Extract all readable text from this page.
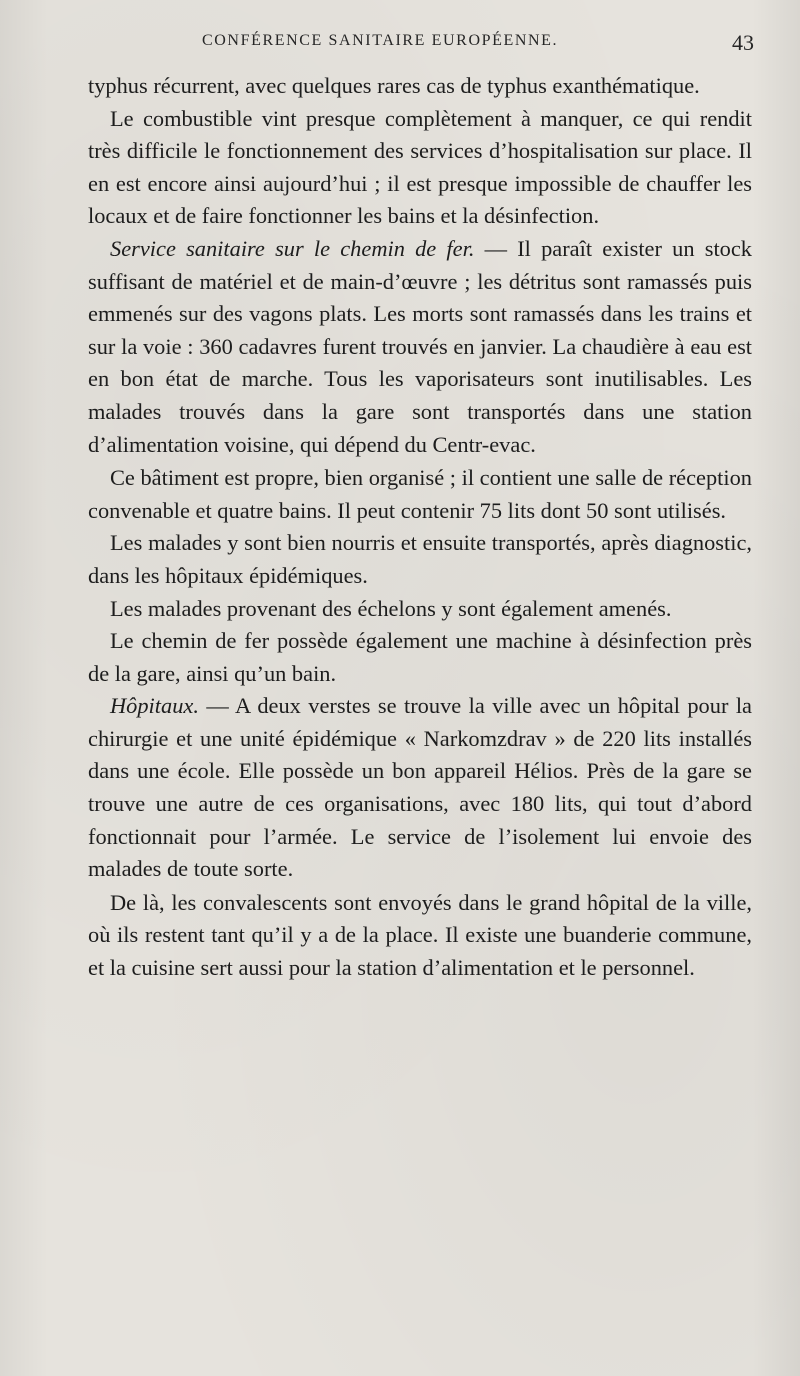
CONFÉRENCE SANITAIRE EUROPÉENNE.	43

typhus récurrent, avec quelques rares cas de typhus exanthématique.

Le combustible vint presque complètement à manquer, ce qui rendit très difficile le fonctionnement des services d’hospitalisation sur place. Il en est encore ainsi aujourd’hui ; il est presque impossible de chauffer les locaux et de faire fonctionner les bains et la désinfection.

Service sanitaire sur le chemin de fer. — Il paraît exister un stock suffisant de matériel et de main-d’œuvre ; les détritus sont ramassés puis emmenés sur des vagons plats. Les morts sont ramassés dans les trains et sur la voie : 360 cadavres furent trouvés en janvier. La chaudière à eau est en bon état de marche. Tous les vaporisateurs sont inutilisables. Les malades trouvés dans la gare sont transportés dans une station d’alimentation voisine, qui dépend du Centr-evac.

Ce bâtiment est propre, bien organisé ; il contient une salle de réception convenable et quatre bains. Il peut contenir 75 lits dont 50 sont utilisés.

Les malades y sont bien nourris et ensuite transportés, après diagnostic, dans les hôpitaux épidémiques.

Les malades provenant des échelons y sont également amenés.

Le chemin de fer possède également une machine à désinfection près de la gare, ainsi qu’un bain.

Hôpitaux. — A deux verstes se trouve la ville avec un hôpital pour la chirurgie et une unité épidémique « Narkomzdrav » de 220 lits installés dans une école. Elle possède un bon appareil Hélios. Près de la gare se trouve une autre de ces organisations, avec 180 lits, qui tout d’abord fonctionnait pour l’armée. Le service de l’isolement lui envoie des malades de toute sorte.

De là, les convalescents sont envoyés dans le grand hôpital de la ville, où ils restent tant qu’il y a de la place. Il existe une buanderie commune, et la cuisine sert aussi pour la station d’alimentation et le personnel.
